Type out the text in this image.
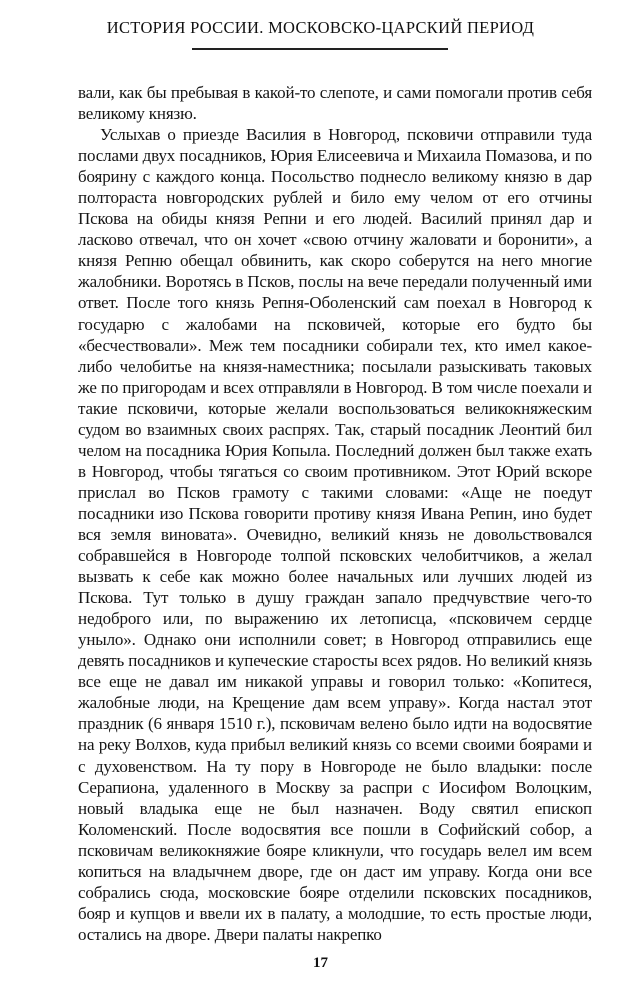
ИСТОРИЯ РОССИИ. МОСКОВСКО-ЦАРСКИЙ ПЕРИОД

вали, как бы пребывая в какой-то слепоте, и сами помогали против себя великому князю.

Услыхав о приезде Василия в Новгород, псковичи отправили туда послами двух посадников, Юрия Елисеевича и Михаила Помазова, и по боярину с каждого конца. Посольство поднесло великому князю в дар полтораста новгородских рублей и било ему челом от его отчины Пскова на обиды князя Репни и его людей. Василий принял дар и ласково отвечал, что он хочет «свою отчину жаловати и боронити», а князя Репню обещал обвинить, как скоро соберутся на него многие жалобники. Воротясь в Псков, послы на вече передали полученный ими ответ. После того князь Репня-Оболенский сам поехал в Новгород к государю с жалобами на псковичей, которые его будто бы «бесчествовали». Меж тем посадники собирали тех, кто имел какое-либо челобитье на князя-наместника; посылали разыскивать таковых же по пригородам и всех отправляли в Новгород. В том числе поехали и такие псковичи, которые желали воспользоваться великокняжеским судом во взаимных своих распрях. Так, старый посадник Леонтий бил челом на посадника Юрия Копыла. Последний должен был также ехать в Новгород, чтобы тягаться со своим противником. Этот Юрий вскоре прислал во Псков грамоту с такими словами: «Аще не поедут посадники изо Пскова говорити противу князя Ивана Репин, ино будет вся земля виновата». Очевидно, великий князь не довольствовался собравшейся в Новгороде толпой псковских челобитчиков, а желал вызвать к себе как можно более начальных или лучших людей из Пскова. Тут только в душу граждан запало предчувствие чего-то недоброго или, по выражению их летописца, «псковичем сердце уныло». Однако они исполнили совет; в Новгород отправились еще девять посадников и купеческие старосты всех рядов. Но великий князь все еще не давал им никакой управы и говорил только: «Копитеся, жалобные люди, на Крещение дам всем управу». Когда настал этот праздник (6 января 1510 г.), псковичам велено было идти на водосвятие на реку Волхов, куда прибыл великий князь со всеми своими боярами и с духовенством. На ту пору в Новгороде не было владыки: после Серапиона, удаленного в Москву за распри с Иосифом Волоцким, новый владыка еще не был назначен. Воду святил епископ Коломенский. После водосвятия все пошли в Софийский собор, а псковичам великокняжие бояре кликнули, что государь велел им всем копиться на владычнем дворе, где он даст им управу. Когда они все собрались сюда, московские бояре отделили псковских посадников, бояр и купцов и ввели их в палату, а молодшие, то есть простые люди, остались на дворе. Двери палаты накрепко

17
